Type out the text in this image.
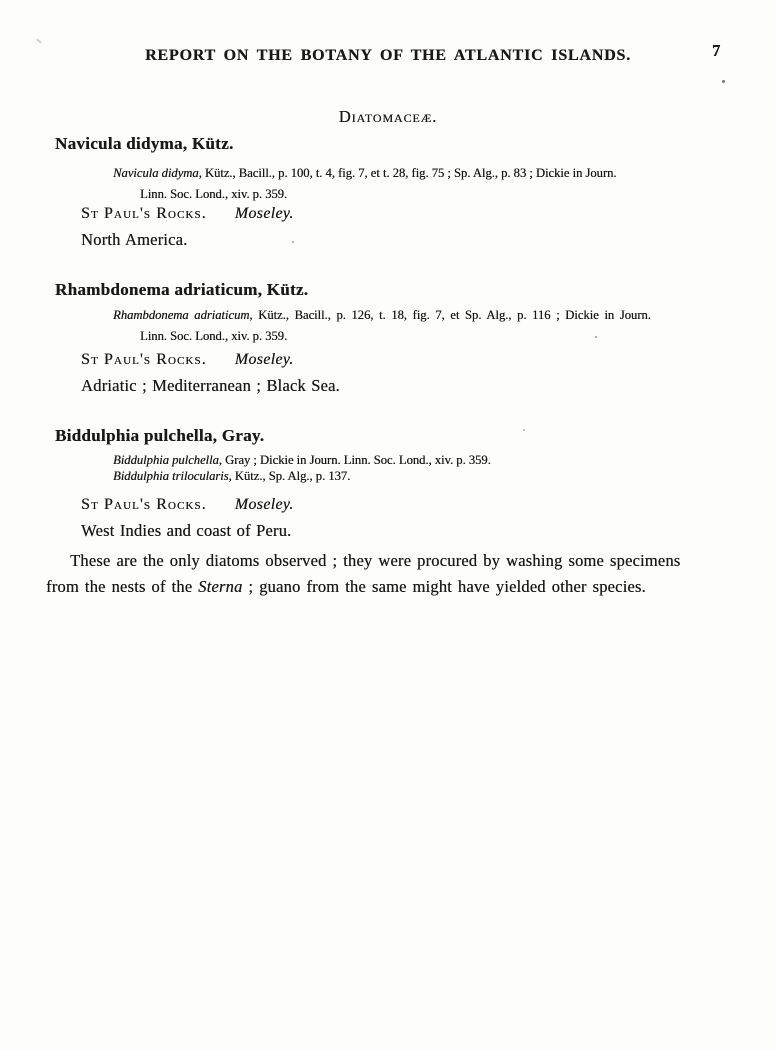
REPORT ON THE BOTANY OF THE ATLANTIC ISLANDS.	7
Diatomaceæ.
Navicula didyma, Kütz.
Navicula didyma, Kütz., Bacill., p. 100, t. 4, fig. 7, et t. 28, fig. 75 ; Sp. Alg., p. 83 ; Dickie in Journ.
Linn. Soc. Lond., xiv. p. 359.
St Paul's Rocks. Moseley.
North America.
Rhambdonema adriaticum, Kütz.
Rhambdonema adriaticum, Kütz., Bacill., p. 126, t. 18, fig. 7, et Sp. Alg., p. 116 ; Dickie in Journ.
Linn. Soc. Lond., xiv. p. 359.
St Paul's Rocks. Moseley.
Adriatic ; Mediterranean ; Black Sea.
Biddulphia pulchella, Gray.
Biddulphia pulchella, Gray ; Dickie in Journ. Linn. Soc. Lond., xiv. p. 359.
Biddulphia trilocularis, Kütz., Sp. Alg., p. 137.
St Paul's Rocks. Moseley.
West Indies and coast of Peru.
These are the only diatoms observed ; they were procured by washing some specimens
from the nests of the Sterna ; guano from the same might have yielded other species.
